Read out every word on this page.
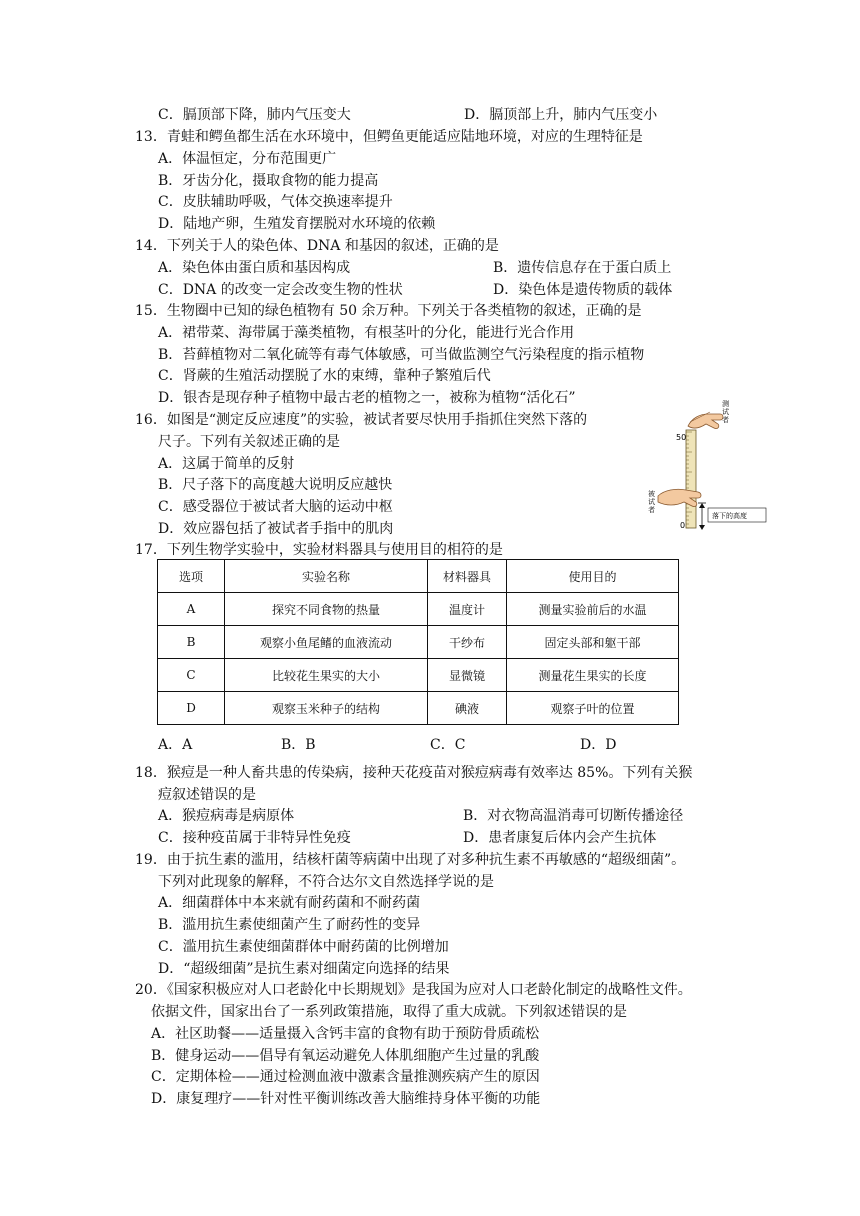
C．膈顶部下降，肺内气压变大	D．膈顶部上升，肺内气压变小
13．青蛙和鳄鱼都生活在水环境中，但鳄鱼更能适应陆地环境，对应的生理特征是
A．体温恒定，分布范围更广
B．牙齿分化，摄取食物的能力提高
C．皮肤辅助呼吸，气体交换速率提升
D．陆地产卵，生殖发育摆脱对水环境的依赖
14．下列关于人的染色体、DNA 和基因的叙述，正确的是
A．染色体由蛋白质和基因构成	B．遗传信息存在于蛋白质上
C．DNA 的改变一定会改变生物的性状	D．染色体是遗传物质的载体
15．生物圈中已知的绿色植物有 50 余万种。下列关于各类植物的叙述，正确的是
A．裙带菜、海带属于藻类植物，有根茎叶的分化，能进行光合作用
B．苔藓植物对二氧化硫等有毒气体敏感，可当做监测空气污染程度的指示植物
C．肾蕨的生殖活动摆脱了水的束缚，靠种子繁殖后代
D．银杏是现存种子植物中最古老的植物之一，被称为植物“活化石”
16．如图是“测定反应速度”的实验，被试者要尽快用手指抓住突然下落的
尺子。下列有关叙述正确的是
A．这属于简单的反射
B．尺子落下的高度越大说明反应越快
C．感受器位于被试者大脑的运动中枢
D．效应器包括了被试者手指中的肌肉
测试者
50
0
被试者
落下的高度
17．下列生物学实验中，实验材料器具与使用目的相符的是
选项	实验名称	材料器具	使用目的
A	探究不同食物的热量	温度计	测量实验前后的水温
B	观察小鱼尾鳍的血液流动	干纱布	固定头部和躯干部
C	比较花生果实的大小	显微镜	测量花生果实的长度
D	观察玉米种子的结构	碘液	观察子叶的位置
A．A	B．B	C．C	D．D
18．猴痘是一种人畜共患的传染病，接种天花疫苗对猴痘病毒有效率达 85%。下列有关猴
痘叙述错误的是
A．猴痘病毒是病原体	B．对衣物高温消毒可切断传播途径
C．接种疫苗属于非特异性免疫	D．患者康复后体内会产生抗体
19．由于抗生素的滥用，结核杆菌等病菌中出现了对多种抗生素不再敏感的“超级细菌”。
下列对此现象的解释，不符合达尔文自然选择学说的是
A．细菌群体中本来就有耐药菌和不耐药菌
B．滥用抗生素使细菌产生了耐药性的变异
C．滥用抗生素使细菌群体中耐药菌的比例增加
D．“超级细菌”是抗生素对细菌定向选择的结果
20．《国家积极应对人口老龄化中长期规划》是我国为应对人口老龄化制定的战略性文件。
依据文件，国家出台了一系列政策措施，取得了重大成就。下列叙述错误的是
A．社区助餐——适量摄入含钙丰富的食物有助于预防骨质疏松
B．健身运动——倡导有氧运动避免人体肌细胞产生过量的乳酸
C．定期体检——通过检测血液中激素含量推测疾病产生的原因
D．康复理疗——针对性平衡训练改善大脑维持身体平衡的功能
